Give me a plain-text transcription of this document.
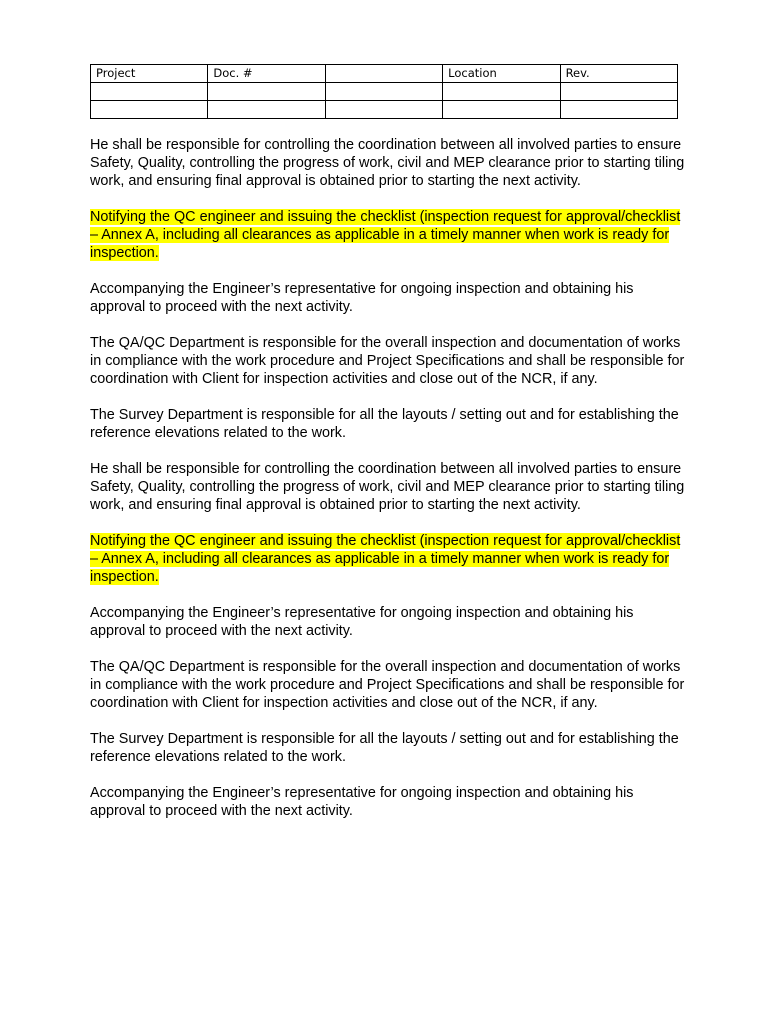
Project	Doc. #		Location	Rev.

He shall be responsible for controlling the coordination between all involved parties to ensure Safety, Quality, controlling the progress of work, civil and MEP clearance prior to starting tiling work, and ensuring final approval is obtained prior to starting the next activity.

Notifying the QC engineer and issuing the checklist (inspection request for approval/checklist – Annex A, including all clearances as applicable in a timely manner when work is ready for inspection.

Accompanying the Engineer’s representative for ongoing inspection and obtaining his approval to proceed with the next activity.

The QA/QC Department is responsible for the overall inspection and documentation of works in compliance with the work procedure and Project Specifications and shall be responsible for coordination with Client for inspection activities and close out of the NCR, if any.

The Survey Department is responsible for all the layouts / setting out and for establishing the reference elevations related to the work.

He shall be responsible for controlling the coordination between all involved parties to ensure Safety, Quality, controlling the progress of work, civil and MEP clearance prior to starting tiling work, and ensuring final approval is obtained prior to starting the next activity.

Notifying the QC engineer and issuing the checklist (inspection request for approval/checklist – Annex A, including all clearances as applicable in a timely manner when work is ready for inspection.

Accompanying the Engineer’s representative for ongoing inspection and obtaining his approval to proceed with the next activity.

The QA/QC Department is responsible for the overall inspection and documentation of works in compliance with the work procedure and Project Specifications and shall be responsible for coordination with Client for inspection activities and close out of the NCR, if any.

The Survey Department is responsible for all the layouts / setting out and for establishing the reference elevations related to the work.

Accompanying the Engineer’s representative for ongoing inspection and obtaining his approval to proceed with the next activity.
